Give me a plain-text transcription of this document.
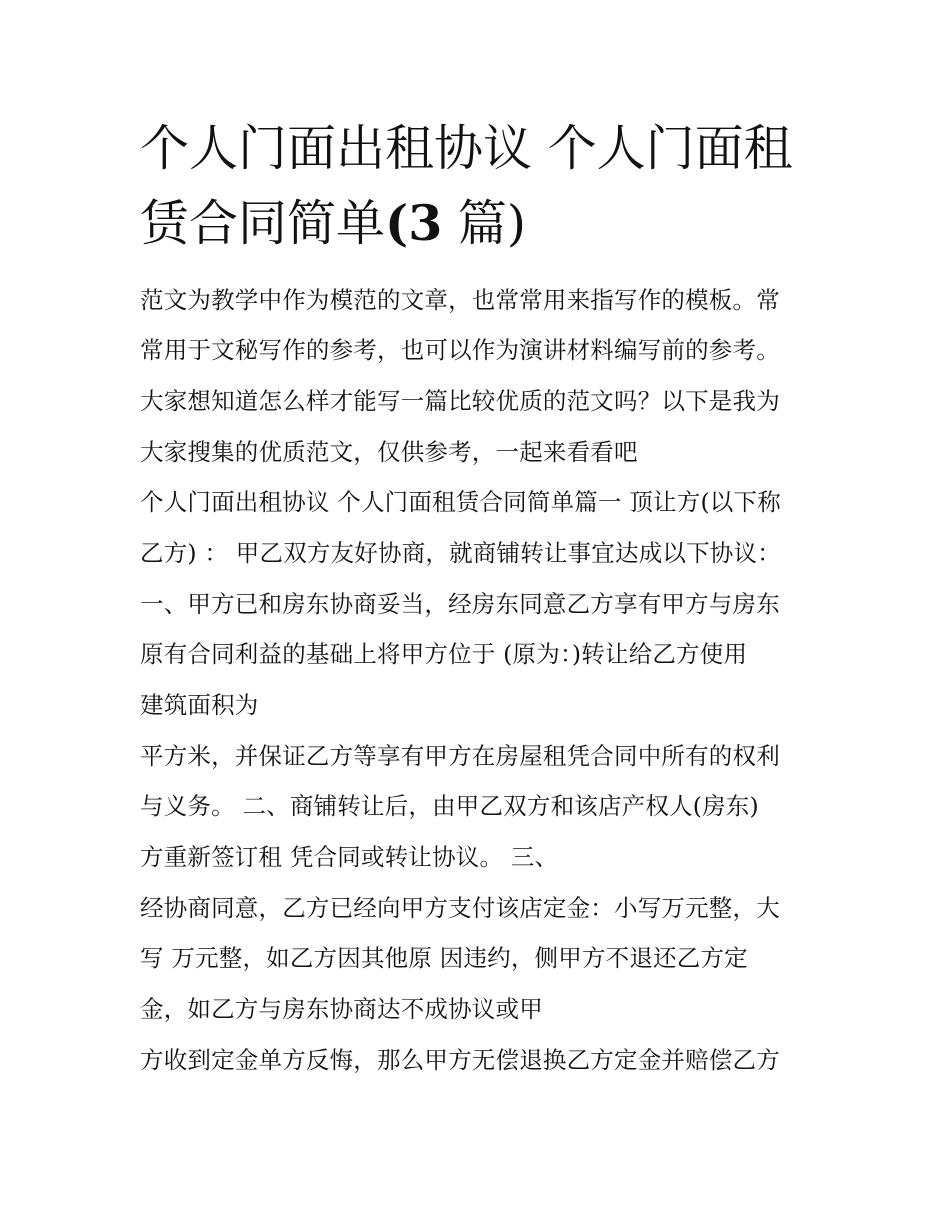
个人门面出租协议 个人门面租
赁合同简单(3 篇)
范文为教学中作为模范的文章，也常常用来指写作的模板。常
常用于文秘写作的参考，也可以作为演讲材料编写前的参考。
大家想知道怎么样才能写一篇比较优质的范文吗？以下是我为
大家搜集的优质范文，仅供参考，一起来看看吧
个人门面出租协议 个人门面租赁合同简单篇一 顶让方(以下称
乙方) ： 甲乙双方友好协商，就商铺转让事宜达成以下协议：
一、甲方已和房东协商妥当，经房东同意乙方享有甲方与房东
原有合同利益的基础上将甲方位于 (原为：)转让给乙方使用
建筑面积为
平方米，并保证乙方等享有甲方在房屋租凭合同中所有的权利
与义务。 二、商铺转让后，由甲乙双方和该店产权人(房东)
方重新签订租 凭合同或转让协议。 三、
经协商同意，乙方已经向甲方支付该店定金：小写万元整，大
写 万元整，如乙方因其他原 因违约，侧甲方不退还乙方定
金，如乙方与房东协商达不成协议或甲
方收到定金单方反悔，那么甲方无偿退换乙方定金并赔偿乙方
